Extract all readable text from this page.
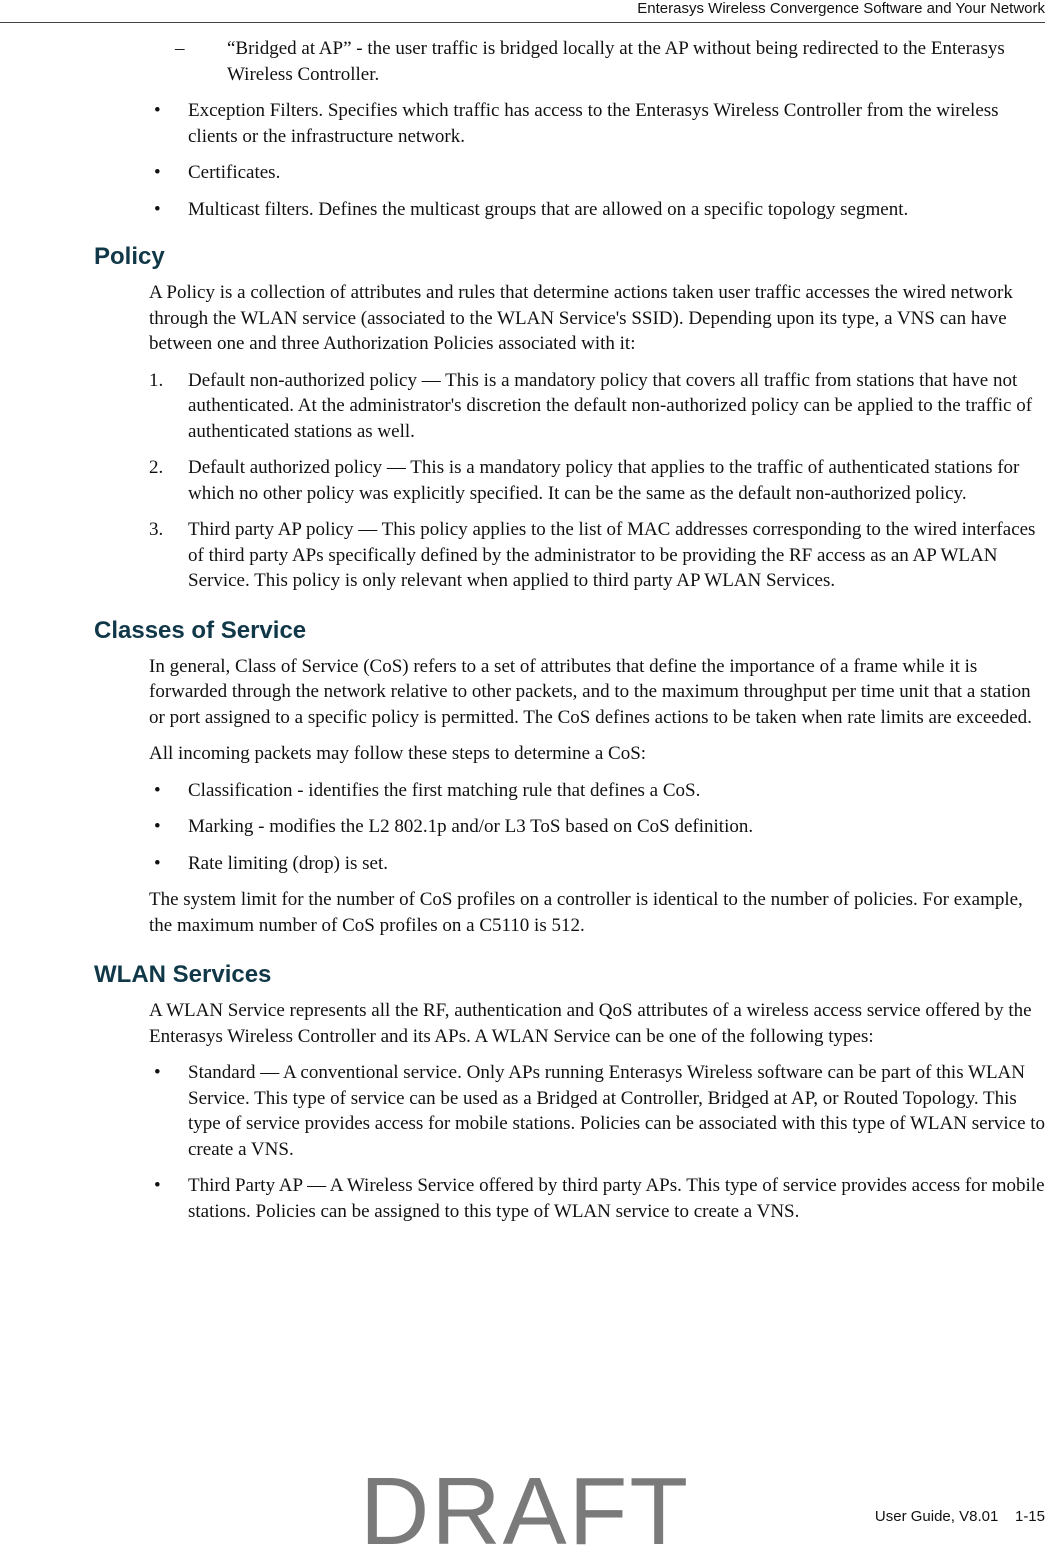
Enterasys Wireless Convergence Software and Your Network
– “Bridged at AP” - the user traffic is bridged locally at the AP without being redirected to the Enterasys Wireless Controller.
• Exception Filters. Specifies which traffic has access to the Enterasys Wireless Controller from the wireless clients or the infrastructure network.
• Certificates.
• Multicast filters. Defines the multicast groups that are allowed on a specific topology segment.
Policy

A Policy is a collection of attributes and rules that determine actions taken user traffic accesses the wired network through the WLAN service (associated to the WLAN Service's SSID). Depending upon its type, a VNS can have between one and three Authorization Policies associated with it:

1. Default non-authorized policy — This is a mandatory policy that covers all traffic from stations that have not authenticated. At the administrator's discretion the default non-authorized policy can be applied to the traffic of authenticated stations as well.
2. Default authorized policy — This is a mandatory policy that applies to the traffic of authenticated stations for which no other policy was explicitly specified. It can be the same as the default non-authorized policy.
3. Third party AP policy — This policy applies to the list of MAC addresses corresponding to the wired interfaces of third party APs specifically defined by the administrator to be providing the RF access as an AP WLAN Service. This policy is only relevant when applied to third party AP WLAN Services.
Classes of Service

In general, Class of Service (CoS) refers to a set of attributes that define the importance of a frame while it is forwarded through the network relative to other packets, and to the maximum throughput per time unit that a station or port assigned to a specific policy is permitted. The CoS defines actions to be taken when rate limits are exceeded.

All incoming packets may follow these steps to determine a CoS:

• Classification - identifies the first matching rule that defines a CoS.
• Marking - modifies the L2 802.1p and/or L3 ToS based on CoS definition.
• Rate limiting (drop) is set.

The system limit for the number of CoS profiles on a controller is identical to the number of policies. For example, the maximum number of CoS profiles on a C5110 is 512.

WLAN Services

A WLAN Service represents all the RF, authentication and QoS attributes of a wireless access service offered by the Enterasys Wireless Controller and its APs. A WLAN Service can be one of the following types:

• Standard — A conventional service. Only APs running Enterasys Wireless software can be part of this WLAN Service. This type of service can be used as a Bridged at Controller, Bridged at AP, or Routed Topology. This type of service provides access for mobile stations. Policies can be associated with this type of WLAN service to create a VNS.
• Third Party AP — A Wireless Service offered by third party APs. This type of service provides access for mobile stations. Policies can be assigned to this type of WLAN service to create a VNS.
User Guide, V8.01    1-15
DRAFT
